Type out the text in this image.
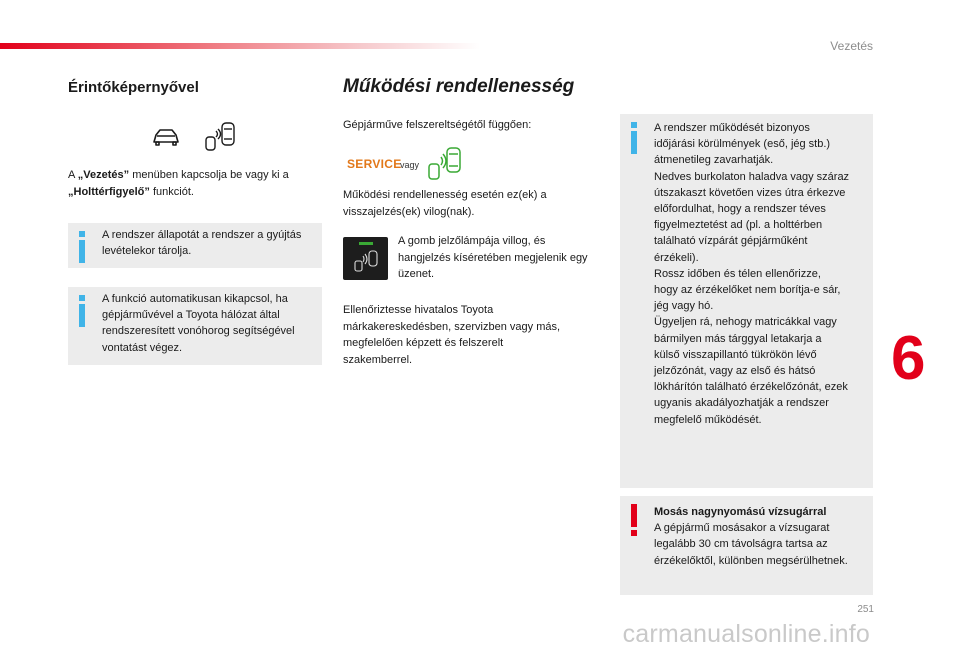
Vezetés
Érintőképernyővel

A „Vezetés” menüben kapcsolja be vagy ki a
„Holttérfigyelő” funkciót.

A rendszer állapotát a rendszer a gyújtás levételekor tárolja.

A funkció automatikusan kikapcsol, ha gépjárművével a Toyota hálózat által rendszeresített vonóhorog segítségével vontatást végez.

Működési rendellenesség

Gépjárműve felszereltségétől függően:

SERVICE
vagy

Működési rendellenesség esetén ez(ek) a visszajelzés(ek) vilog(nak).

A gomb jelzőlámpája villog, és hangjelzés kíséretében megjelenik egy üzenet.

Ellenőriztesse hivatalos Toyota márkakereskedésben, szervizben vagy más, megfelelően képzett és felszerelt szakemberrel.

A rendszer működését bizonyos
időjárási körülmények (eső, jég stb.)
átmenetileg zavarhatják.
Nedves burkolaton haladva vagy száraz
útszakaszt követően vizes útra érkezve
előfordulhat, hogy a rendszer téves
figyelmeztetést ad (pl. a holttérben
található vízpárát gépjárműként
érzékeli).
Rossz időben és télen ellenőrizze,
hogy az érzékelőket nem borítja-e sár,
jég vagy hó.
Ügyeljen rá, nehogy matricákkal vagy
bármilyen más tárggyal letakarja a
külső visszapillantó tükrökön lévő
jelzőzónát, vagy az első és hátsó
lökhárítón található érzékelőzónát, ezek
ugyanis akadályozhatják a rendszer
megfelelő működését.
Mosás nagynyomású vízsugárral
A gépjármű mosásakor a vízsugarat legalább 30 cm távolságra tartsa az érzékelőktől, különben megsérülhetnek.
6
251
carmanualsonline.info
